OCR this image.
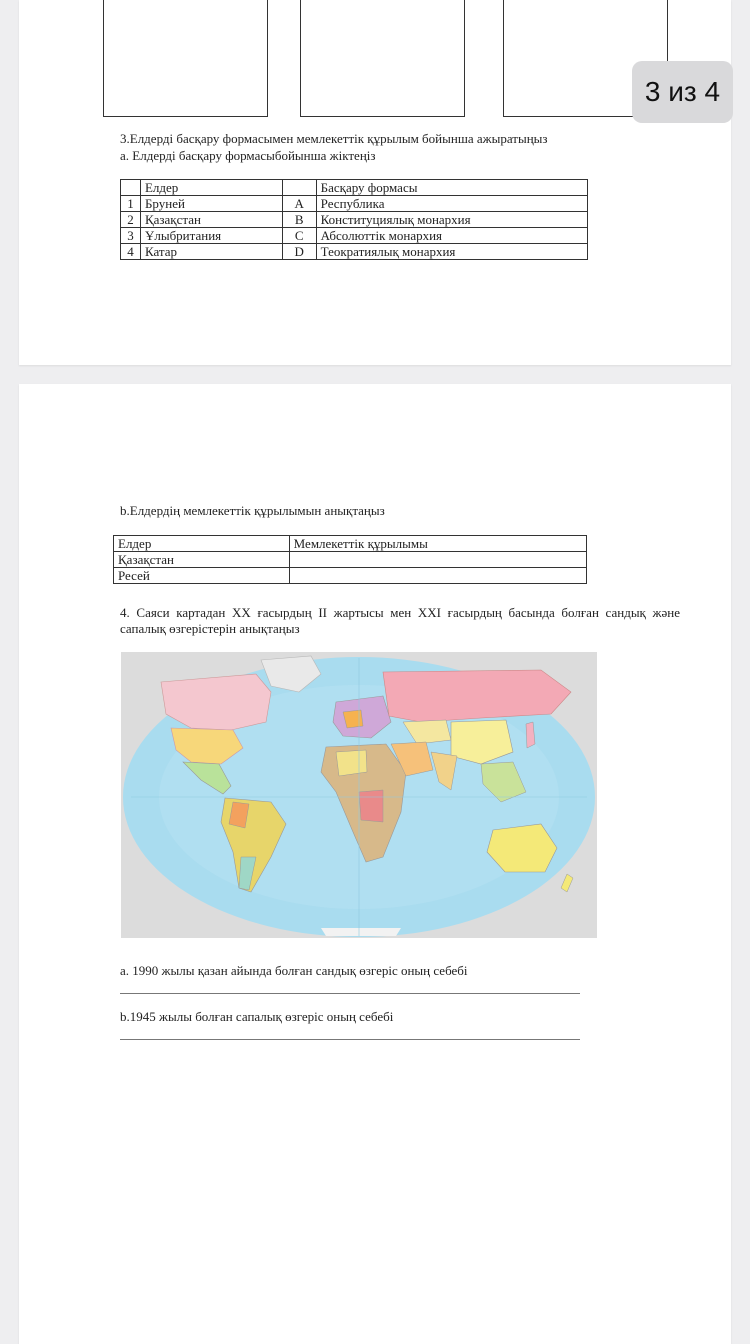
3.Елдерді басқару формасымен мемлекеттік құрылым бойынша ажыратыңыз
а. Елдерді басқару формасыбойынша жіктеңіз
	Елдер		Басқару формасы
1	Бруней	A	Республика
2	Қазақстан	B	Конституциялық монархия
3	Ұлыбритания	C	Абсолюттік монархия
4	Катар	D	Теократиялық монархия
3 из 4
b.Елдердің мемлекеттік құрылымын анықтаңыз
Елдер	Мемлекеттік құрылымы
Қазақстан	
Ресей	
4. Саяси картадан XX ғасырдың II жартысы мен XXI ғасырдың басында болған сандық және сапалық өзгерістерін анықтаңыз
а. 1990 жылы қазан айында болған сандық өзгеріс оның себебі
b.1945 жылы болған сапалық өзгеріс оның себебі
